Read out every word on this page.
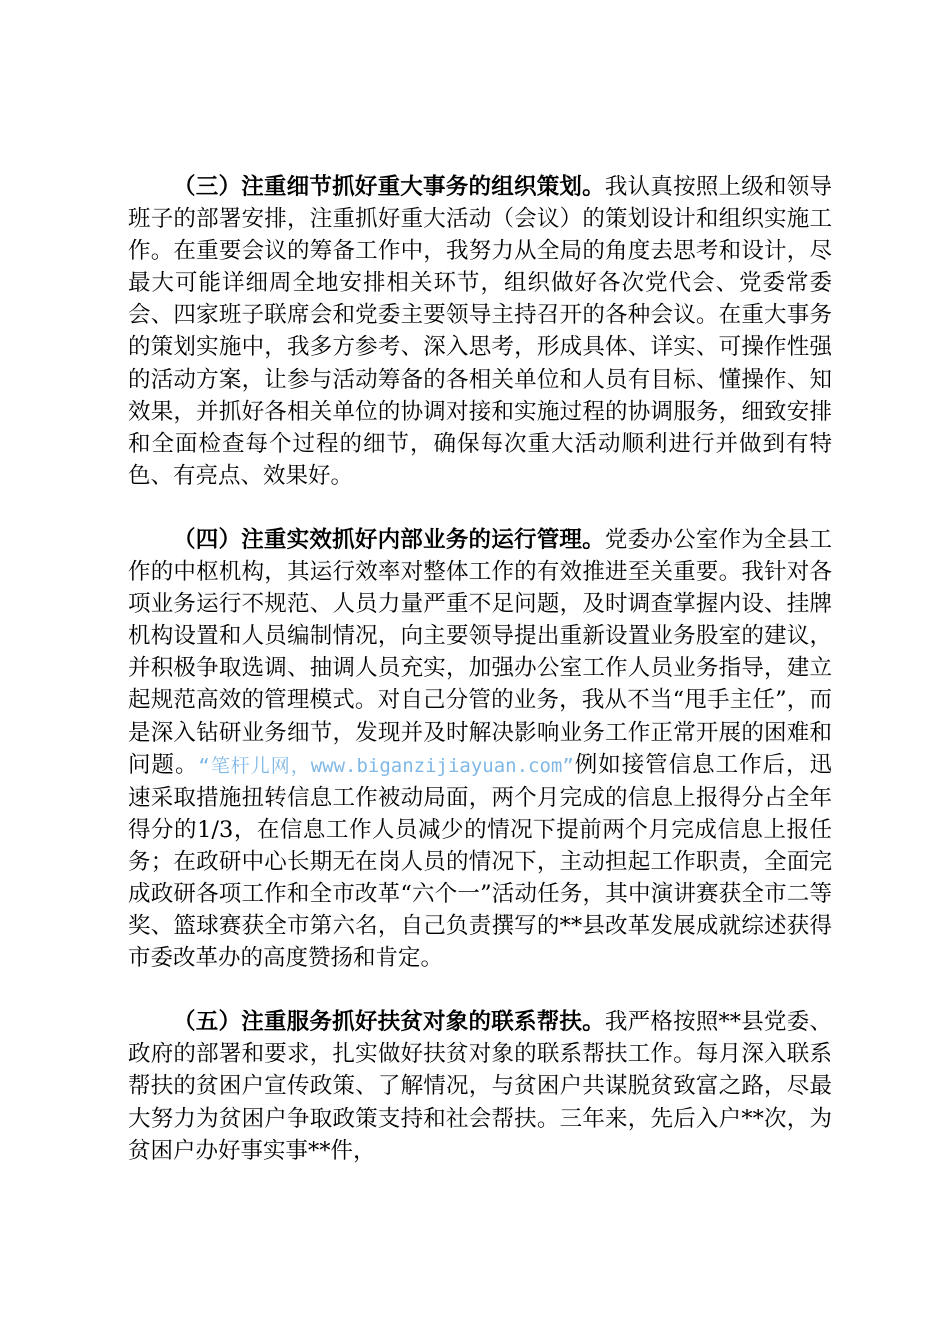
（三）注重细节抓好重大事务的组织策划。我认真按照上级和领导班子的部署安排，注重抓好重大活动（会议）的策划设计和组织实施工作。在重要会议的筹备工作中，我努力从全局的角度去思考和设计，尽最大可能详细周全地安排相关环节，组织做好各次党代会、党委常委会、四家班子联席会和党委主要领导主持召开的各种会议。在重大事务的策划实施中，我多方参考、深入思考，形成具体、详实、可操作性强的活动方案，让参与活动筹备的各相关单位和人员有目标、懂操作、知效果，并抓好各相关单位的协调对接和实施过程的协调服务，细致安排和全面检查每个过程的细节，确保每次重大活动顺利进行并做到有特色、有亮点、效果好。

（四）注重实效抓好内部业务的运行管理。党委办公室作为全县工作的中枢机构，其运行效率对整体工作的有效推进至关重要。我针对各项业务运行不规范、人员力量严重不足问题，及时调查掌握内设、挂牌机构设置和人员编制情况，向主要领导提出重新设置业务股室的建议，并积极争取选调、抽调人员充实，加强办公室工作人员业务指导，建立起规范高效的管理模式。对自己分管的业务，我从不当“甩手主任”，而是深入钻研业务细节，发现并及时解决影响业务工作正常开展的困难和问题。“笔杆儿网，www.biganzijiayuan.com”例如接管信息工作后，迅速采取措施扭转信息工作被动局面，两个月完成的信息上报得分占全年得分的1/3，在信息工作人员减少的情况下提前两个月完成信息上报任务；在政研中心长期无在岗人员的情况下，主动担起工作职责，全面完成政研各项工作和全市改革“六个一”活动任务，其中演讲赛获全市二等奖、篮球赛获全市第六名，自己负责撰写的**县改革发展成就综述获得市委改革办的高度赞扬和肯定。

（五）注重服务抓好扶贫对象的联系帮扶。我严格按照**县党委、政府的部署和要求，扎实做好扶贫对象的联系帮扶工作。每月深入联系帮扶的贫困户宣传政策、了解情况，与贫困户共谋脱贫致富之路，尽最大努力为贫困户争取政策支持和社会帮扶。三年来，先后入户**次，为贫困户办好事实事**件，
